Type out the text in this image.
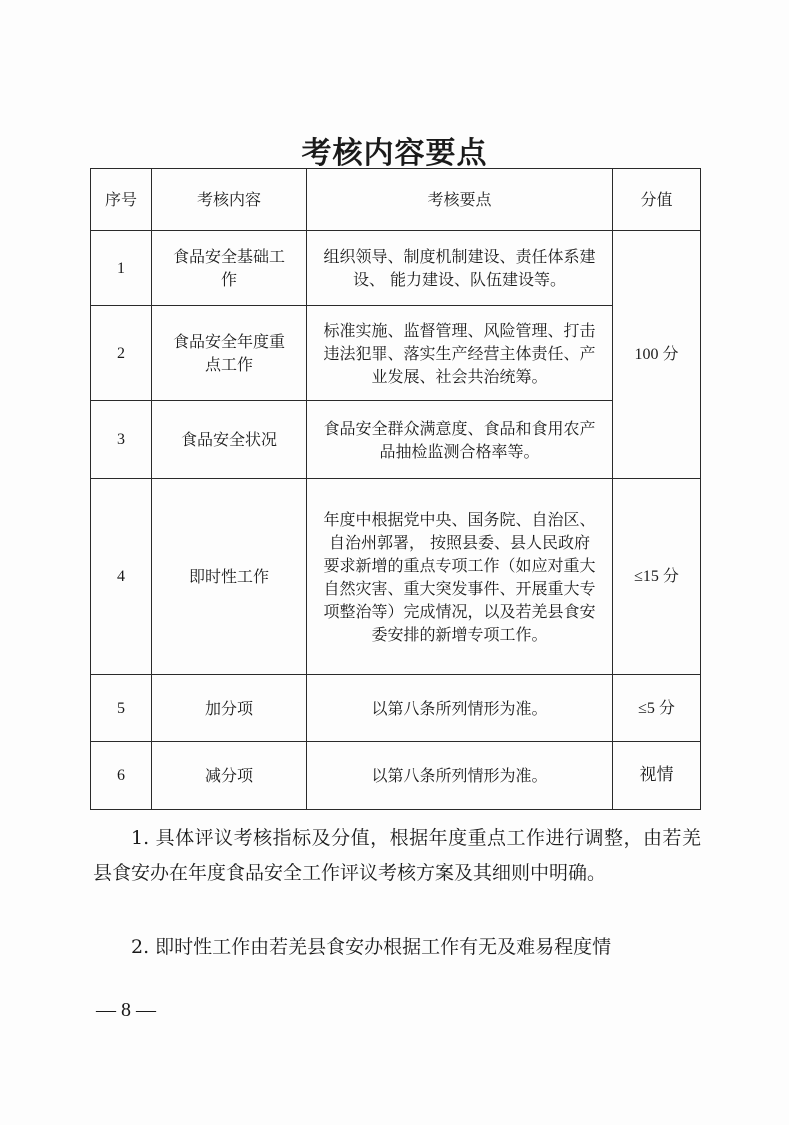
考核内容要点
序号	考核内容	考核要点	分值
1	食品安全基础工作	组织领导、制度机制建设、责任体系建设、 能力建设、队伍建设等。	100 分
2	食品安全年度重点工作	标准实施、监督管理、风险管理、打击违法犯罪、落实生产经营主体责任、产业发展、社会共治统筹。	
3	食品安全状况	食品安全群众满意度、食品和食用农产品抽检监测合格率等。	
4	即时性工作	年度中根据党中央、国务院、自治区、自治州郭署， 按照县委、县人民政府要求新增的重点专项工作（如应对重大自然灾害、重大突发事件、开展重大专项整治等）完成情况，以及若羌县食安委安排的新增专项工作。	≤15 分
5	加分项	以第八条所列情形为准。	≤5 分
6	减分项	以第八条所列情形为准。	视情
1. 具体评议考核指标及分值，根据年度重点工作进行调整，由若羌县食安办在年度食品安全工作评议考核方案及其细则中明确。
2. 即时性工作由若羌县食安办根据工作有无及难易程度情
— 8 —
